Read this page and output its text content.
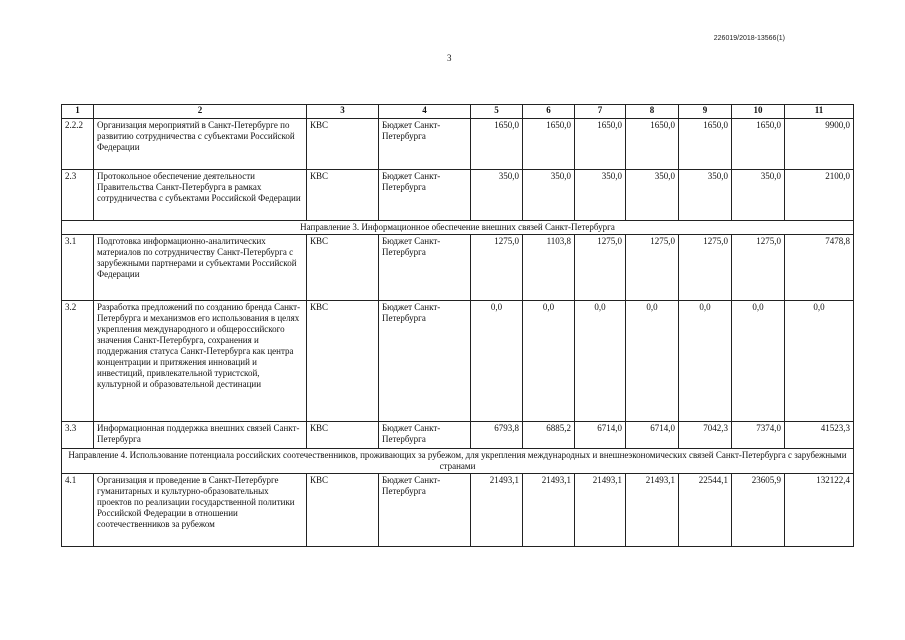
226019/2018-13566(1)
3
1	2	3	4	5	6	7	8	9	10	11
2.2.2	Организация мероприятий в Санкт-Петербурге по развитию сотрудничества с субъектами Российской Федерации	КВС	Бюджет Санкт-Петербурга	1650,0	1650,0	1650,0	1650,0	1650,0	1650,0	9900,0
2.3	Протокольное обеспечение деятельности Правительства Санкт-Петербурга в рамках сотрудничества с субъектами Российской Федерации	КВС	Бюджет Санкт-Петербурга	350,0	350,0	350,0	350,0	350,0	350,0	2100,0
Направление 3. Информационное обеспечение внешних связей Санкт-Петербурга										
3.1	Подготовка информационно-аналитических материалов по сотрудничеству Санкт-Петербурга с зарубежными партнерами и субъектами Российской Федерации	КВС	Бюджет Санкт-Петербурга	1275,0	1103,8	1275,0	1275,0	1275,0	1275,0	7478,8
3.2	Разработка предложений по созданию бренда Санкт-Петербурга и механизмов его использования в целях укрепления международного и общероссийского значения Санкт-Петербурга, сохранения и поддержания статуса Санкт-Петербурга как центра концентрации и притяжения инноваций и инвестиций, привлекательной туристской, культурной и образовательной дестинации	КВС	Бюджет Санкт-Петербурга	0,0	0,0	0,0	0,0	0,0	0,0	0,0
3.3	Информационная поддержка внешних связей Санкт-Петербурга	КВС	Бюджет Санкт-Петербурга	6793,8	6885,2	6714,0	6714,0	7042,3	7374,0	41523,3
Направление 4. Использование потенциала российских соотечественников, проживающих за рубежом, для укрепления международных и внешнеэкономических связей Санкт-Петербурга с зарубежными странами										
4.1	Организация и проведение в Санкт-Петербурге гуманитарных и культурно-образовательных проектов по реализации государственной политики Российской Федерации в отношении соотечественников за рубежом	КВС	Бюджет Санкт-Петербурга	21493,1	21493,1	21493,1	21493,1	22544,1	23605,9	132122,4
